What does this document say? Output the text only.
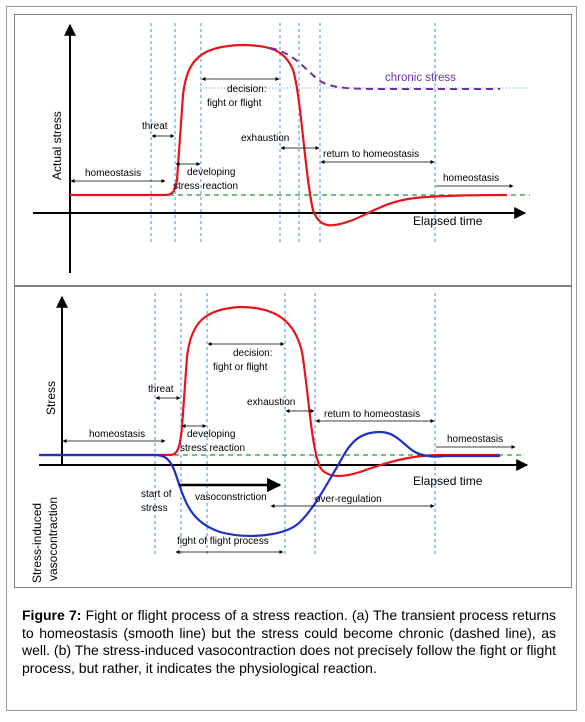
Actual stress
Elapsed time
chronic stress
homeostasis
threat
developing
stress reaction
decision:
fight or flight
exhaustion
return to homeostasis
homeostasis
Stress
Stress-induced vasocontraction
Elapsed time
homeostasis
threat
developing
stress reaction
decision:
fight or flight
exhaustion
return to homeostasis
homeostasis
start of
stress
vasoconstriction	over-regulation
fight of flight process
Figure 7: Fight or flight process of a stress reaction. (a) The transient process returns to homeostasis (smooth line) but the stress could become chronic (dashed line), as well. (b) The stress-induced vasocontraction does not precisely follow the fight or flight process, but rather, it indicates the physiological reaction.
